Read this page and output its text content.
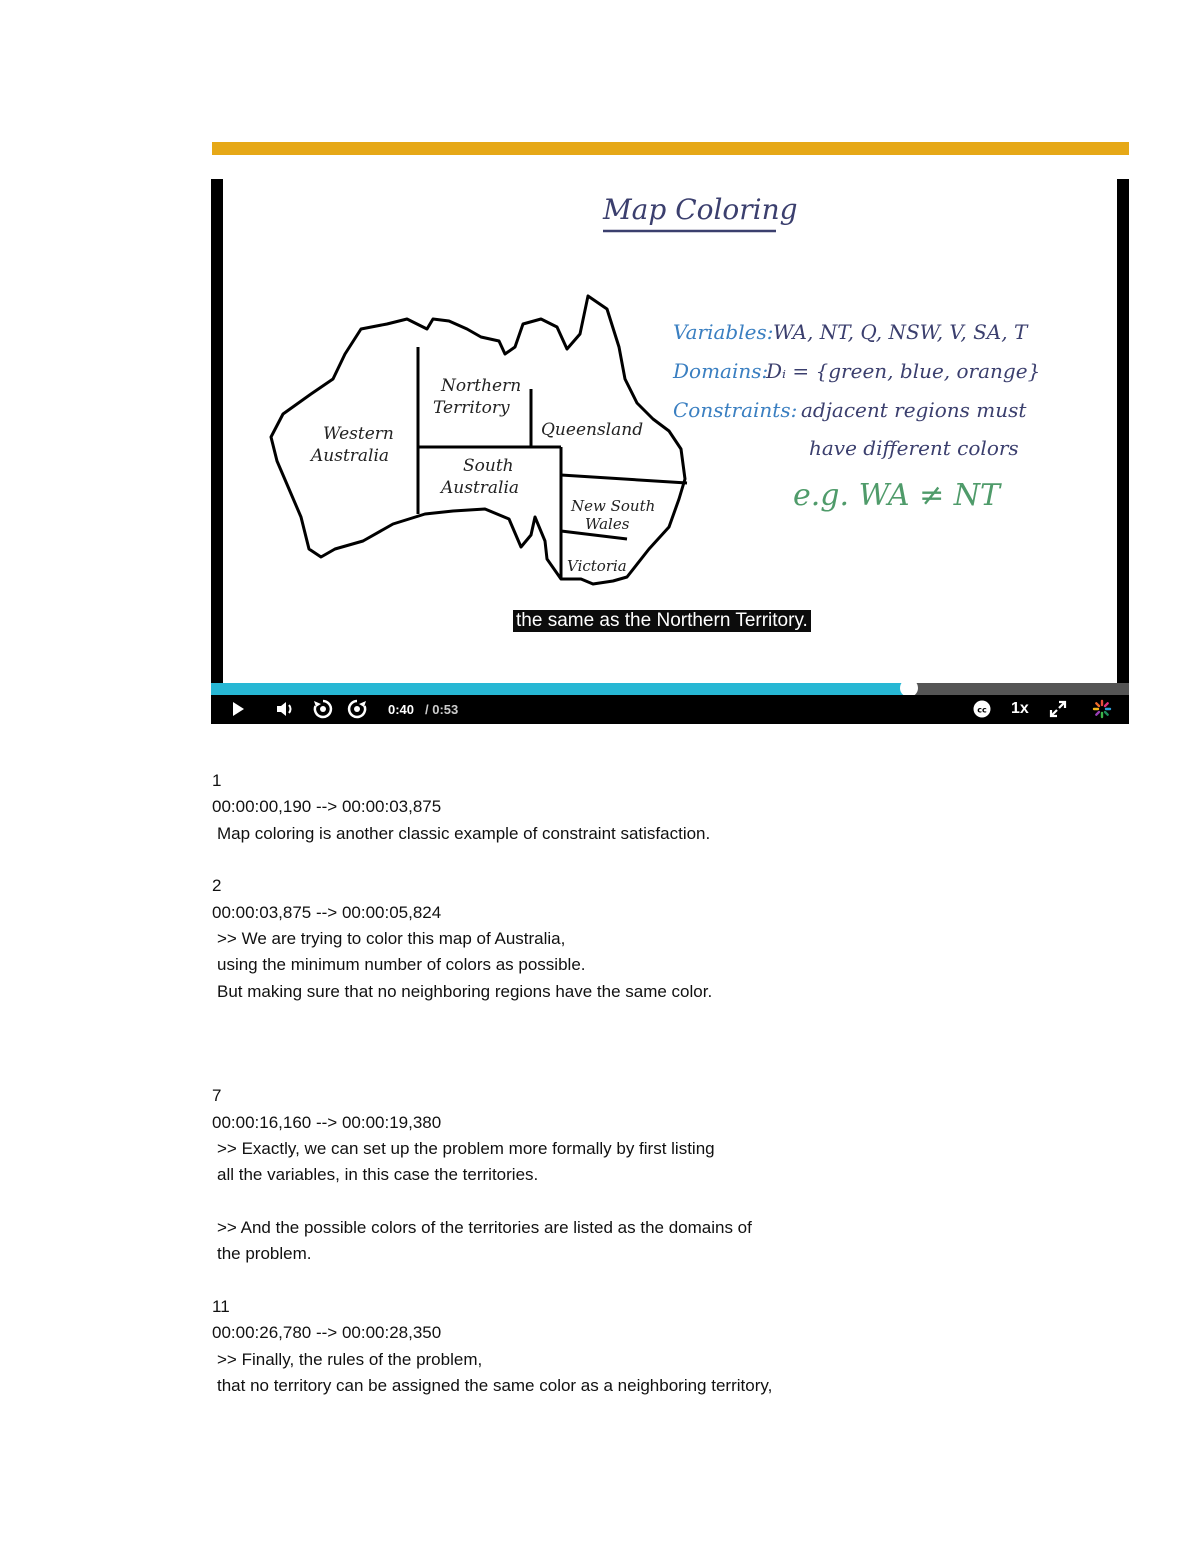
Map Coloring
Western
Australia
Northern
Territory
Queensland
South
Australia
New South
Wales
Victoria
Variables: WA, NT, Q, NSW, V, SA, T
Domains:
Dᵢ = {green, blue, orange}
Constraints: adjacent regions must
have different colors
e.g. WA ≠ NT
the same as the Northern Territory.
0:40 / 0:53	cc 1x
1
00:00:00,190 --> 00:00:03,875
Map coloring is another classic example of constraint satisfaction.
2
00:00:03,875 --> 00:00:05,824
>> We are trying to color this map of Australia,
using the minimum number of colors as possible.
But making sure that no neighboring regions have the same color.
7
00:00:16,160 --> 00:00:19,380
>> Exactly, we can set up the problem more formally by first listing
all the variables, in this case the territories.
>> And the possible colors of the territories are listed as the domains of
the problem.
11
00:00:26,780 --> 00:00:28,350
>> Finally, the rules of the problem,
that no territory can be assigned the same color as a neighboring territory,
